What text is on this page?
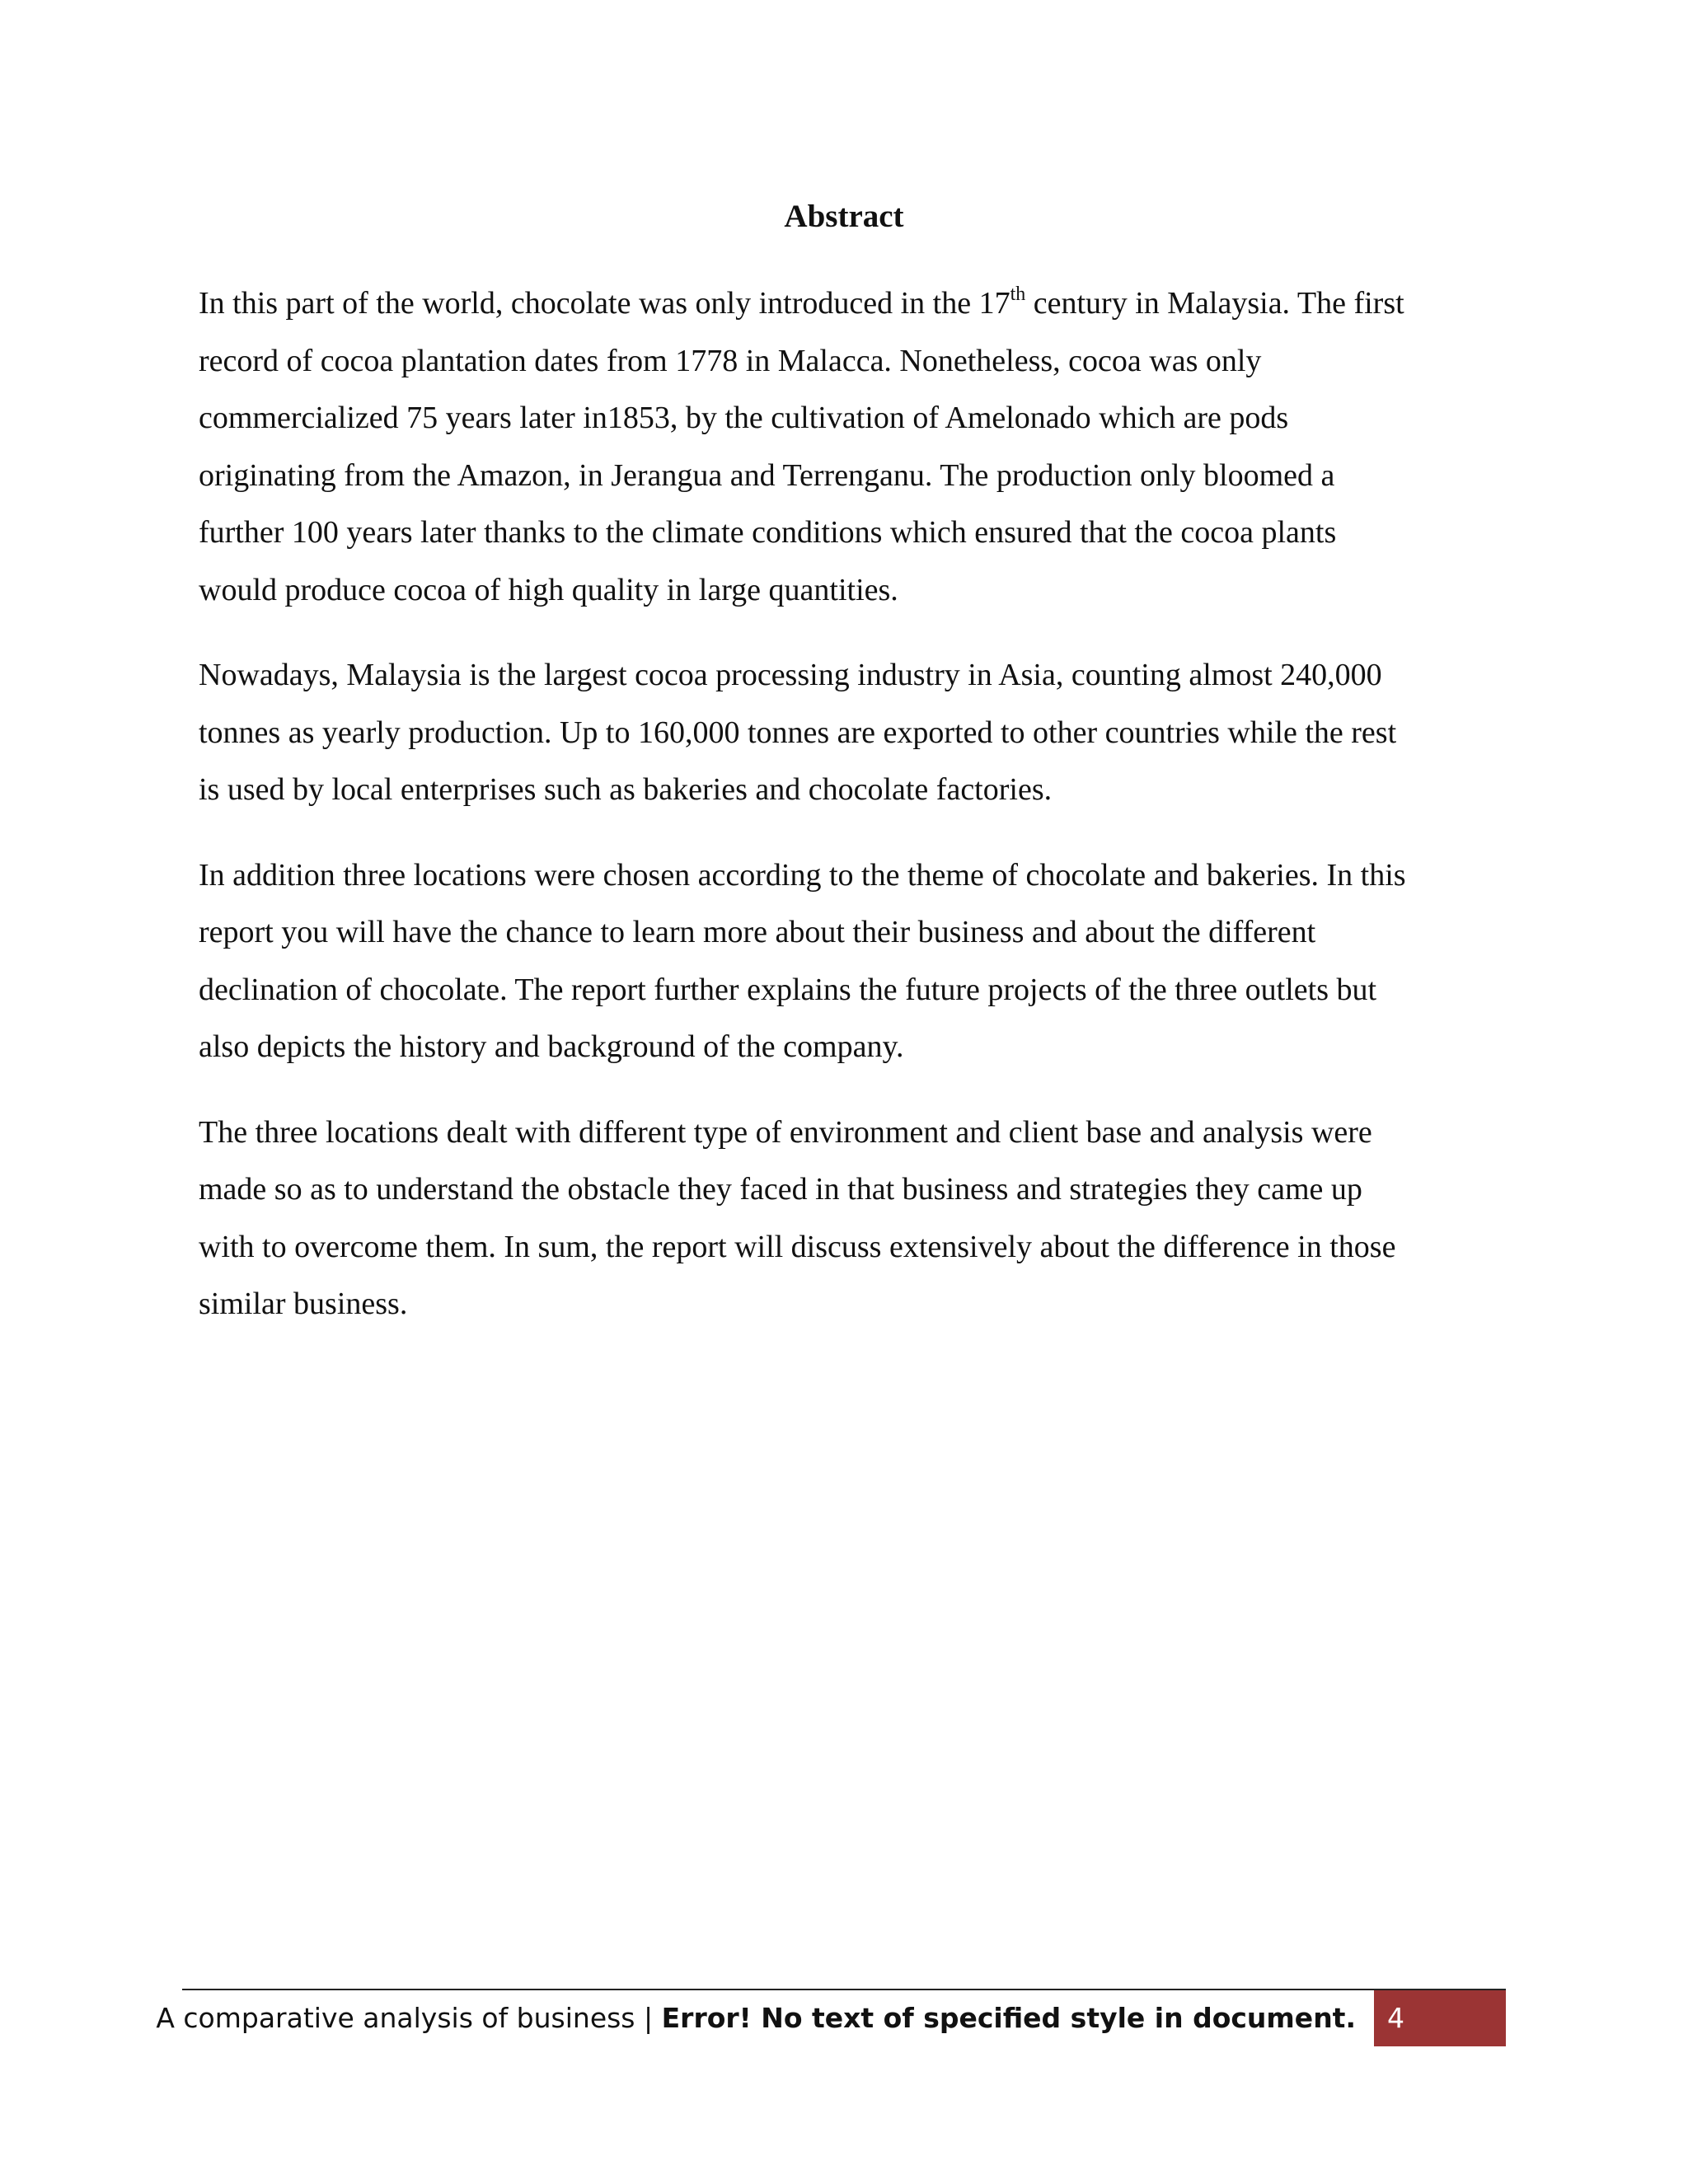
Abstract

In this part of the world, chocolate was only introduced in the 17th century in Malaysia. The first
record of cocoa plantation dates from 1778 in Malacca. Nonetheless, cocoa was only
commercialized 75 years later in1853, by the cultivation of Amelonado which are pods
originating from the Amazon, in Jerangua and Terrenganu. The production only bloomed a
further 100 years later thanks to the climate conditions which ensured that the cocoa plants
would produce cocoa of high quality in large quantities.

Nowadays, Malaysia is the largest cocoa processing industry in Asia, counting almost 240,000
tonnes as yearly production. Up to 160,000 tonnes are exported to other countries while the rest
is used by local enterprises such as bakeries and chocolate factories.

In addition three locations were chosen according to the theme of chocolate and bakeries. In this
report you will have the chance to learn more about their business and about the different
declination of chocolate. The report further explains the future projects of the three outlets but
also depicts the history and background of the company.

The three locations dealt with different type of environment and client base and analysis were
made so as to understand the obstacle they faced in that business and strategies they came up
with to overcome them. In sum, the report will discuss extensively about the difference in those
similar business.

A comparative analysis of business | Error! No text of specified style in document.	4
